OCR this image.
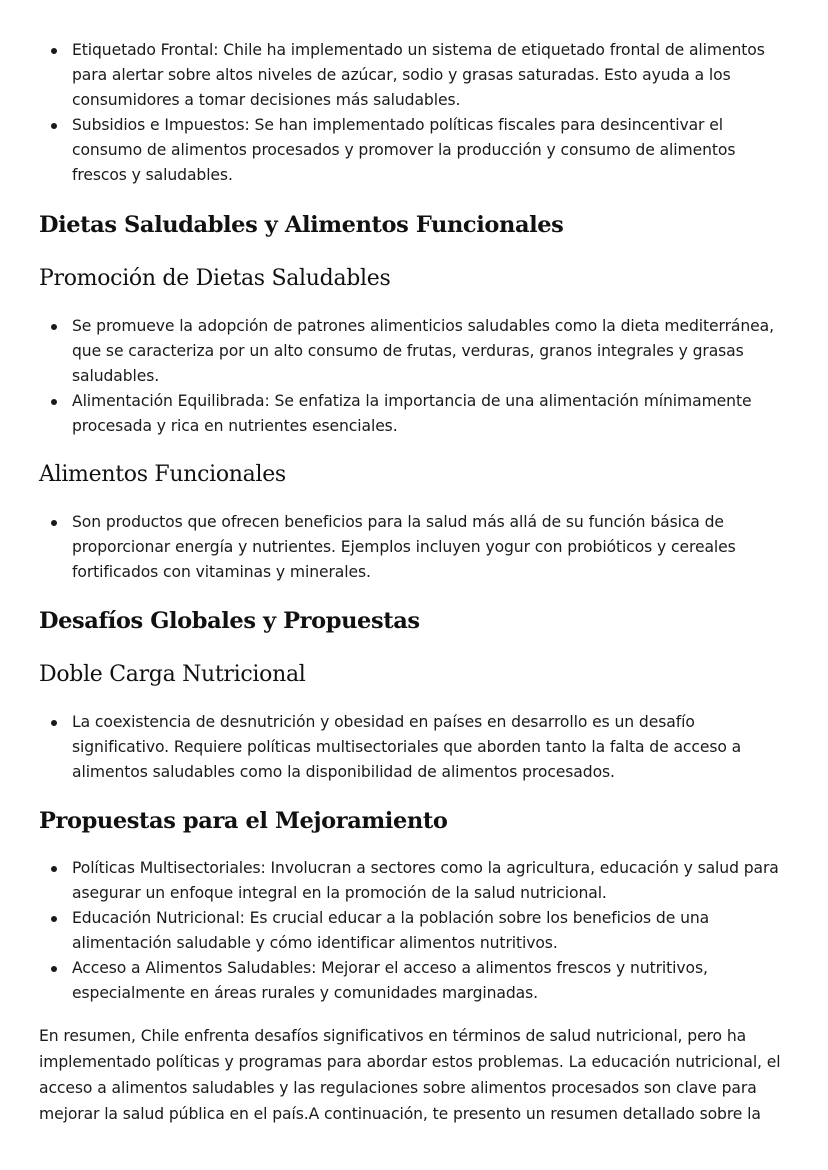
Etiquetado Frontal: Chile ha implementado un sistema de etiquetado frontal de alimentos para alertar sobre altos niveles de azúcar, sodio y grasas saturadas. Esto ayuda a los consumidores a tomar decisiones más saludables.
Subsidios e Impuestos: Se han implementado políticas fiscales para desincentivar el consumo de alimentos procesados y promover la producción y consumo de alimentos frescos y saludables.
Dietas Saludables y Alimentos Funcionales
Promoción de Dietas Saludables
Se promueve la adopción de patrones alimenticios saludables como la dieta mediterránea, que se caracteriza por un alto consumo de frutas, verduras, granos integrales y grasas saludables.
Alimentación Equilibrada: Se enfatiza la importancia de una alimentación mínimamente procesada y rica en nutrientes esenciales.
Alimentos Funcionales
Son productos que ofrecen beneficios para la salud más allá de su función básica de proporcionar energía y nutrientes. Ejemplos incluyen yogur con probióticos y cereales fortificados con vitaminas y minerales.
Desafíos Globales y Propuestas
Doble Carga Nutricional
La coexistencia de desnutrición y obesidad en países en desarrollo es un desafío significativo. Requiere políticas multisectoriales que aborden tanto la falta de acceso a alimentos saludables como la disponibilidad de alimentos procesados.
Propuestas para el Mejoramiento
Políticas Multisectoriales: Involucran a sectores como la agricultura, educación y salud para asegurar un enfoque integral en la promoción de la salud nutricional.
Educación Nutricional: Es crucial educar a la población sobre los beneficios de una alimentación saludable y cómo identificar alimentos nutritivos.
Acceso a Alimentos Saludables: Mejorar el acceso a alimentos frescos y nutritivos, especialmente en áreas rurales y comunidades marginadas.

En resumen, Chile enfrenta desafíos significativos en términos de salud nutricional, pero ha implementado políticas y programas para abordar estos problemas. La educación nutricional, el acceso a alimentos saludables y las regulaciones sobre alimentos procesados son clave para mejorar la salud pública en el país.A continuación, te presento un resumen detallado sobre la
